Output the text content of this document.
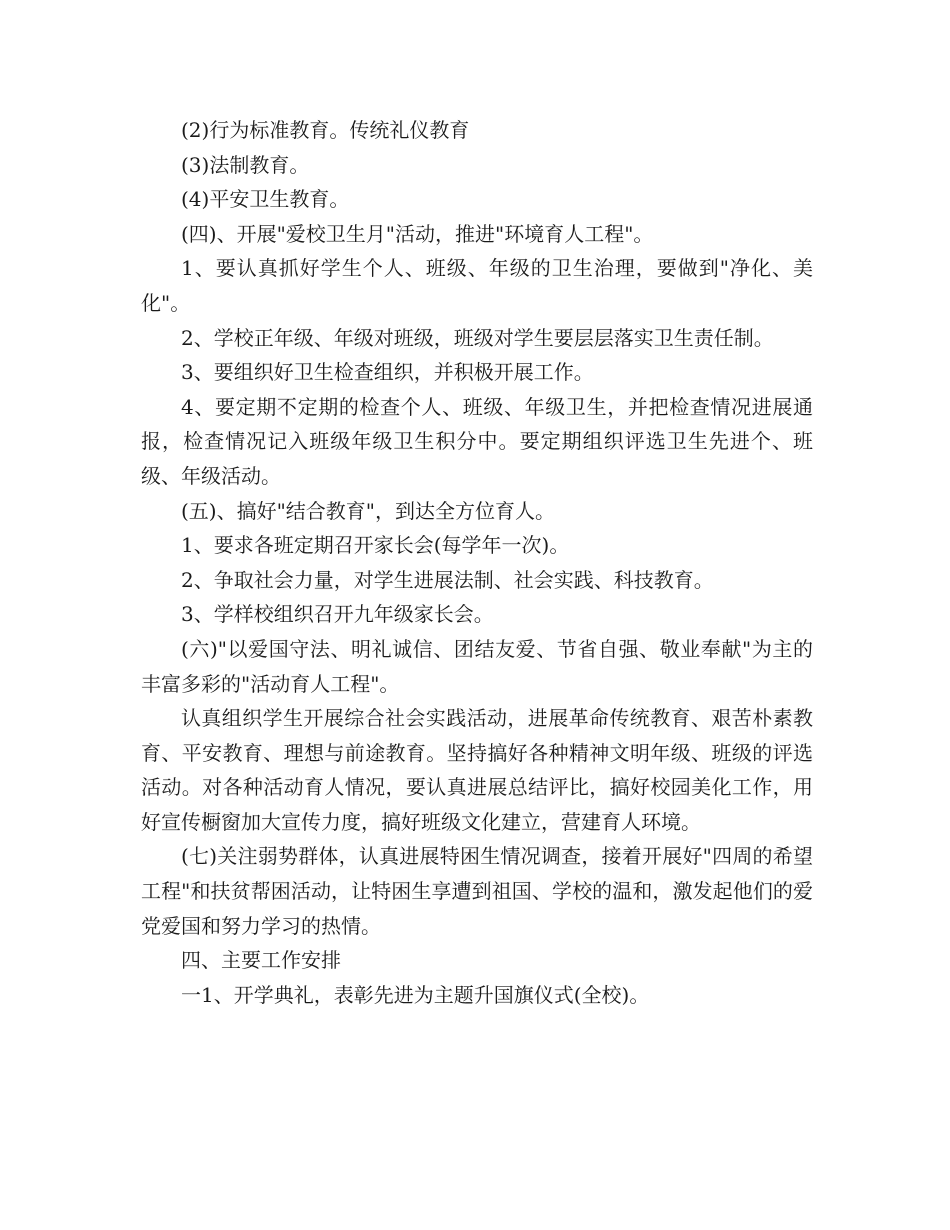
(2)行为标准教育。传统礼仪教育

(3)法制教育。

(4)平安卫生教育。

(四)、开展"爱校卫生月"活动，推进"环境育人工程"。

1、要认真抓好学生个人、班级、年级的卫生治理，要做到"净化、美化"。

2、学校正年级、年级对班级，班级对学生要层层落实卫生责任制。

3、要组织好卫生检查组织，并积极开展工作。

4、要定期不定期的检查个人、班级、年级卫生，并把检查情况进展通报，检查情况记入班级年级卫生积分中。要定期组织评选卫生先进个、班级、年级活动。

(五)、搞好"结合教育"，到达全方位育人。

1、要求各班定期召开家长会(每学年一次)。

2、争取社会力量，对学生进展法制、社会实践、科技教育。

3、学样校组织召开九年级家长会。

(六)"以爱国守法、明礼诚信、团结友爱、节省自强、敬业奉献"为主的丰富多彩的"活动育人工程"。

认真组织学生开展综合社会实践活动，进展革命传统教育、艰苦朴素教育、平安教育、理想与前途教育。坚持搞好各种精神文明年级、班级的评选活动。对各种活动育人情况，要认真进展总结评比，搞好校园美化工作，用好宣传橱窗加大宣传力度，搞好班级文化建立，营建育人环境。

(七)关注弱势群体，认真进展特困生情况调查，接着开展好"四周的希望工程"和扶贫帮困活动，让特困生享遭到祖国、学校的温和，激发起他们的爱党爱国和努力学习的热情。

四、主要工作安排

一1、开学典礼，表彰先进为主题升国旗仪式(全校)。
